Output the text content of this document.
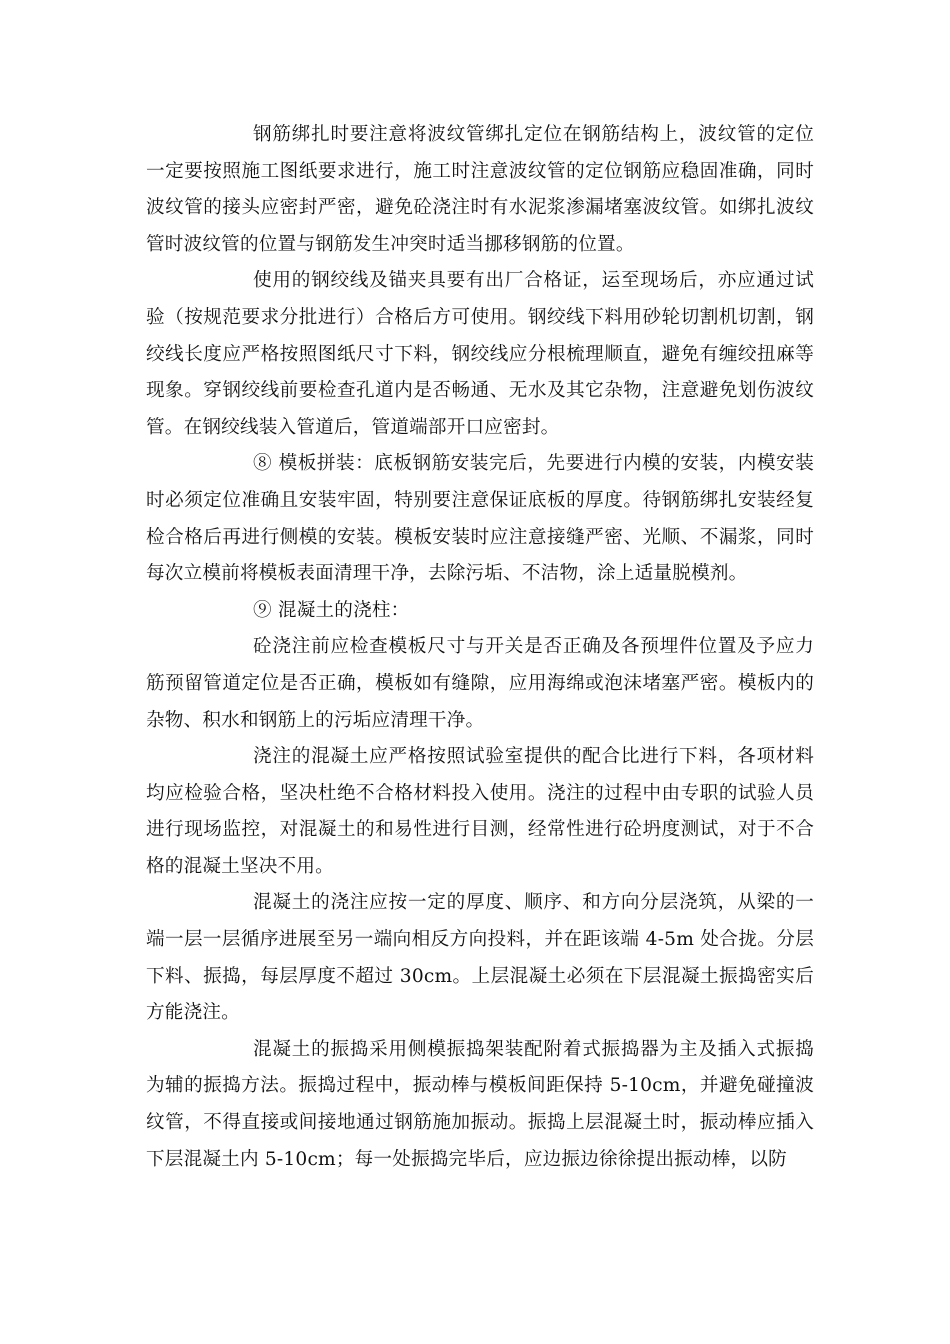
钢筋绑扎时要注意将波纹管绑扎定位在钢筋结构上，波纹管的定位一定要按照施工图纸要求进行，施工时注意波纹管的定位钢筋应稳固准确，同时波纹管的接头应密封严密，避免砼浇注时有水泥浆渗漏堵塞波纹管。如绑扎波纹管时波纹管的位置与钢筋发生冲突时适当挪移钢筋的位置。

使用的钢绞线及锚夹具要有出厂合格证，运至现场后，亦应通过试验（按规范要求分批进行）合格后方可使用。钢绞线下料用砂轮切割机切割，钢绞线长度应严格按照图纸尺寸下料，钢绞线应分根梳理顺直，避免有缠绞扭麻等现象。穿钢绞线前要检查孔道内是否畅通、无水及其它杂物，注意避免划伤波纹管。在钢绞线装入管道后，管道端部开口应密封。

⑧ 模板拼装：底板钢筋安装完后，先要进行内模的安装，内模安装时必须定位准确且安装牢固，特别要注意保证底板的厚度。待钢筋绑扎安装经复检合格后再进行侧模的安装。模板安装时应注意接缝严密、光顺、不漏浆，同时每次立模前将模板表面清理干净，去除污垢、不洁物，涂上适量脱模剂。

⑨ 混凝土的浇柱：

砼浇注前应检查模板尺寸与开关是否正确及各预埋件位置及予应力筋预留管道定位是否正确，模板如有缝隙，应用海绵或泡沫堵塞严密。模板内的杂物、积水和钢筋上的污垢应清理干净。

浇注的混凝土应严格按照试验室提供的配合比进行下料，各项材料均应检验合格，坚决杜绝不合格材料投入使用。浇注的过程中由专职的试验人员进行现场监控，对混凝土的和易性进行目测，经常性进行砼坍度测试，对于不合格的混凝土坚决不用。

混凝土的浇注应按一定的厚度、顺序、和方向分层浇筑，从梁的一端一层一层循序进展至另一端向相反方向投料，并在距该端 4-5m 处合拢。分层下料、振捣，每层厚度不超过 30cm。上层混凝土必须在下层混凝土振捣密实后方能浇注。

混凝土的振捣采用侧模振捣架装配附着式振捣器为主及插入式振捣为辅的振捣方法。振捣过程中，振动棒与模板间距保持 5-10cm，并避免碰撞波纹管，不得直接或间接地通过钢筋施加振动。振捣上层混凝土时，振动棒应插入下层混凝土内 5-10cm；每一处振捣完毕后，应边振边徐徐提出振动棒，以防
